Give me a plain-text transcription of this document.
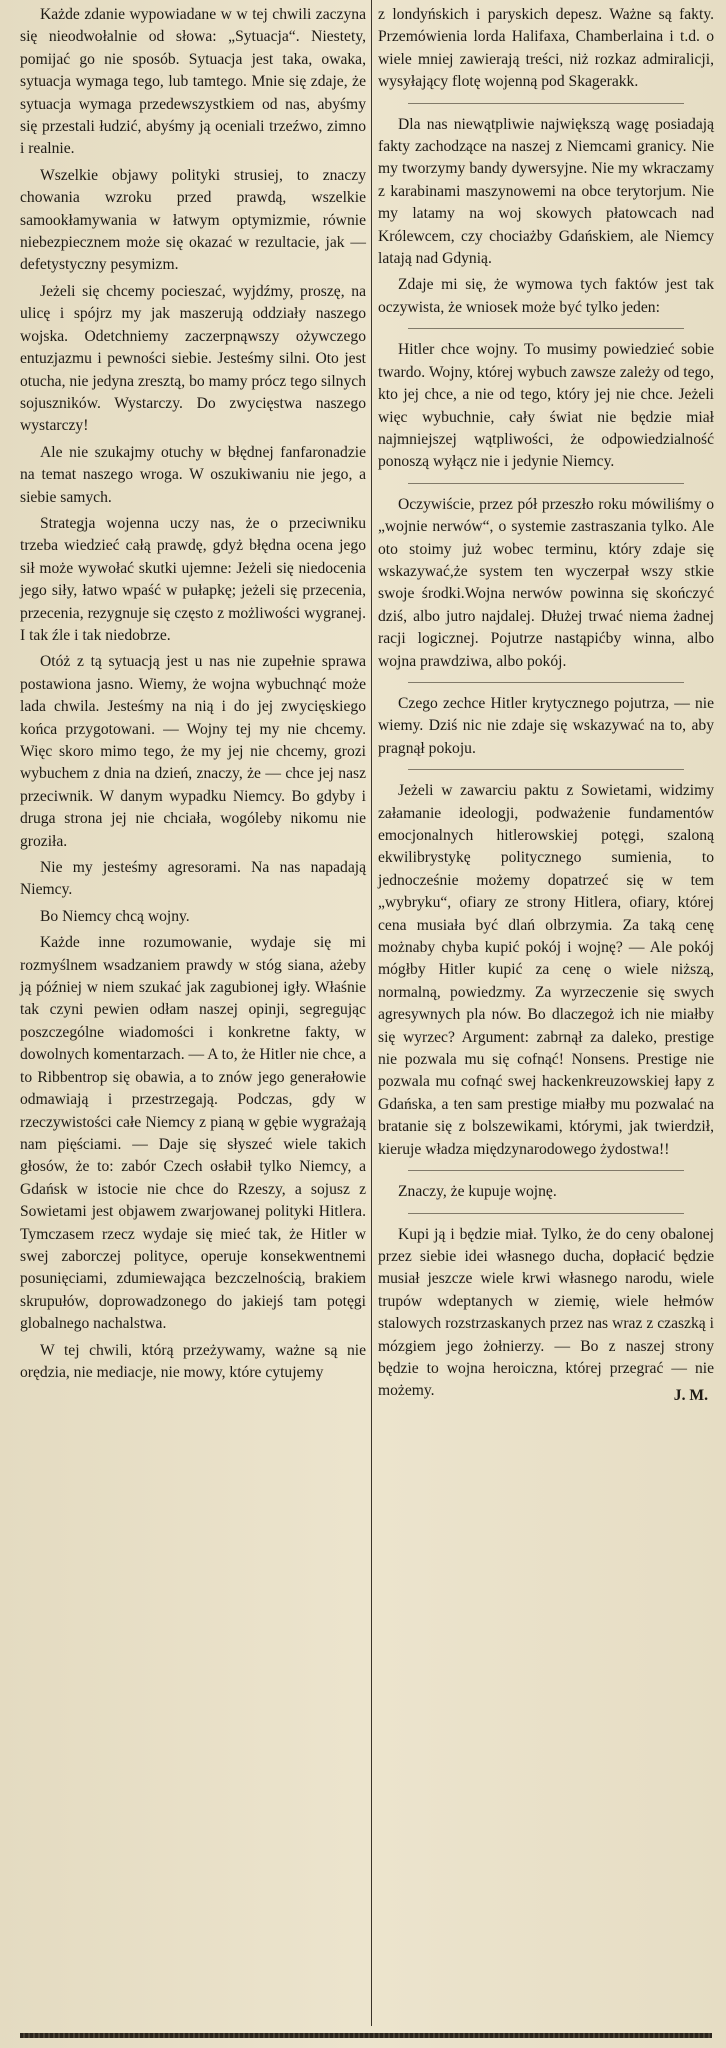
Każde zdanie wypowiadane w w tej chwili zaczyna się nieodwołalnie od słowa: „Sytuacja“. Niestety, pomijać go nie sposób. Sytuacja jest taka, owaka, sytuacja wymaga tego, lub tamtego. Mnie się zdaje, że sytuacja wymaga przedewszystkiem od nas, abyśmy się przestali łudzić, abyśmy ją oceniali trzeźwo, zimno i realnie.

Wszelkie objawy polityki strusiej, to znaczy chowania wzroku przed prawdą, wszelkie samookłamywania w łatwym optymizmie, równie niebezpiecznem może się okazać w rezultacie, jak — defetystyczny pesymizm.

Jeżeli się chcemy pocieszać, wyjdźmy, proszę, na ulicę i spójrz my jak maszerują oddziały naszego wojska. Odetchniemy zaczerpnąwszy ożywczego entuzjazmu i pewności siebie. Jesteśmy silni. Oto jest otucha, nie jedyna zresztą, bo mamy prócz tego silnych sojuszników. Wystarczy. Do zwycięstwa naszego wystarczy!

Ale nie szukajmy otuchy w błędnej fanfaronadzie na temat naszego wroga. W oszukiwaniu nie jego, a siebie samych.

Strategja wojenna uczy nas, że o przeciwniku trzeba wiedzieć całą prawdę, gdyż błędna ocena jego sił może wywołać skutki ujemne: Jeżeli się niedocenia jego siły, łatwo wpaść w pułapkę; jeżeli się przecenia, przecenia, rezygnuje się często z możliwości wygranej. I tak źle i tak niedobrze.

Otóż z tą sytuacją jest u nas nie zupełnie sprawa postawiona jasno. Wiemy, że wojna wybuchnąć może lada chwila. Jesteśmy na nią i do jej zwycięskiego końca przygotowani. — Wojny tej my nie chcemy. Więc skoro mimo tego, że my jej nie chcemy, grozi wybuchem z dnia na dzień, znaczy, że — chce jej nasz przeciwnik. W danym wypadku Niemcy. Bo gdyby i druga strona jej nie chciała, wogóleby nikomu nie groziła.

Nie my jesteśmy agresorami. Na nas napadają Niemcy.

Bo Niemcy chcą wojny.

Każde inne rozumowanie, wydaje się mi rozmyślnem wsadzaniem prawdy w stóg siana, ażeby ją później w niem szukać jak zagubionej igły. Właśnie tak czyni pewien odłam naszej opinji, segregując poszczególne wiadomości i konkretne fakty, w dowolnych komentarzach. — A to, że Hitler nie chce, a to Ribbentrop się obawia, a to znów jego generałowie odmawiają i przestrzegają. Podczas, gdy w rzeczywistości całe Niemcy z pianą w gębie wygrażają nam pięściami. — Daje się słyszeć wiele takich głosów, że to: zabór Czech osłabił tylko Niemcy, a Gdańsk w istocie nie chce do Rzeszy, a sojusz z Sowietami jest objawem zwarjowanej polityki Hitlera. Tymczasem rzecz wydaje się mieć tak, że Hitler w swej zaborczej polityce, operuje konsekwentnemi posunięciami, zdumiewająca bezczelnością, brakiem skrupułów, doprowadzonego do jakiejś tam potęgi globalnego nachalstwa.

W tej chwili, którą przeżywamy, ważne są nie orędzia, nie mediacje, nie mowy, które cytujemy

z londyńskich i paryskich depesz. Ważne są fakty. Przemówienia lorda Halifaxa, Chamberlaina i t.d. o wiele mniej zawierają treści, niż rozkaz admiralicji, wysyłający flotę wojenną pod Skagerakk.

Dla nas niewątpliwie największą wagę posiadają fakty zachodzące na naszej z Niemcami granicy. Nie my tworzymy bandy dywersyjne. Nie my wkraczamy z karabinami maszynowemi na obce terytorjum. Nie my latamy na woj skowych płatowcach nad Królewcem, czy chociażby Gdańskiem, ale Niemcy latają nad Gdynią.

Zdaje mi się, że wymowa tych faktów jest tak oczywista, że wniosek może być tylko jeden:

Hitler chce wojny. To musimy powiedzieć sobie twardo. Wojny, której wybuch zawsze zależy od tego, kto jej chce, a nie od tego, który jej nie chce. Jeżeli więc wybuchnie, cały świat nie będzie miał najmniejszej wątpliwości, że odpowiedzialność ponoszą wyłącz nie i jedynie Niemcy.

Oczywiście, przez pół przeszło roku mówiliśmy o „wojnie nerwów“, o systemie zastraszania tylko. Ale oto stoimy już wobec terminu, który zdaje się wskazywać,że system ten wyczerpał wszy stkie swoje środki.Wojna nerwów powinna się skończyć dziś, albo jutro najdalej. Dłużej trwać niema żadnej racji logicznej. Pojutrze nastąpićby winna, albo wojna prawdziwa, albo pokój.

Czego zechce Hitler krytycznego pojutrza, — nie wiemy. Dziś nic nie zdaje się wskazywać na to, aby pragnął pokoju.

Jeżeli w zawarciu paktu z Sowietami, widzimy załamanie ideologji, podważenie fundamentów emocjonalnych hitlerowskiej potęgi, szaloną ekwilibrystykę politycznego sumienia, to jednocześnie możemy dopatrzeć się w tem „wybryku“, ofiary ze strony Hitlera, ofiary, której cena musiała być dlań olbrzymia. Za taką cenę możnaby chyba kupić pokój i wojnę? — Ale pokój mógłby Hitler kupić za cenę o wiele niższą, normalną, powiedzmy. Za wyrzeczenie się swych agresywnych pla nów. Bo dlaczegoż ich nie miałby się wyrzec? Argument: zabrnął za daleko, prestige nie pozwala mu się cofnąć! Nonsens. Prestige nie pozwala mu cofnąć swej hackenkreuzowskiej łapy z Gdańska, a ten sam prestige miałby mu pozwalać na bratanie się z bolszewikami, którymi, jak twierdził, kieruje władza międzynarodowego żydostwa!!

Znaczy, że kupuje wojnę.

Kupi ją i będzie miał. Tylko, że do ceny obalonej przez siebie idei własnego ducha, dopłacić będzie musiał jeszcze wiele krwi własnego narodu, wiele trupów wdeptanych w ziemię, wiele hełmów stalowych rozstrzaskanych przez nas wraz z czaszką i mózgiem jego żołnierzy. — Bo z naszej strony będzie to wojna heroiczna, której przegrać — nie możemy.	J. M.
